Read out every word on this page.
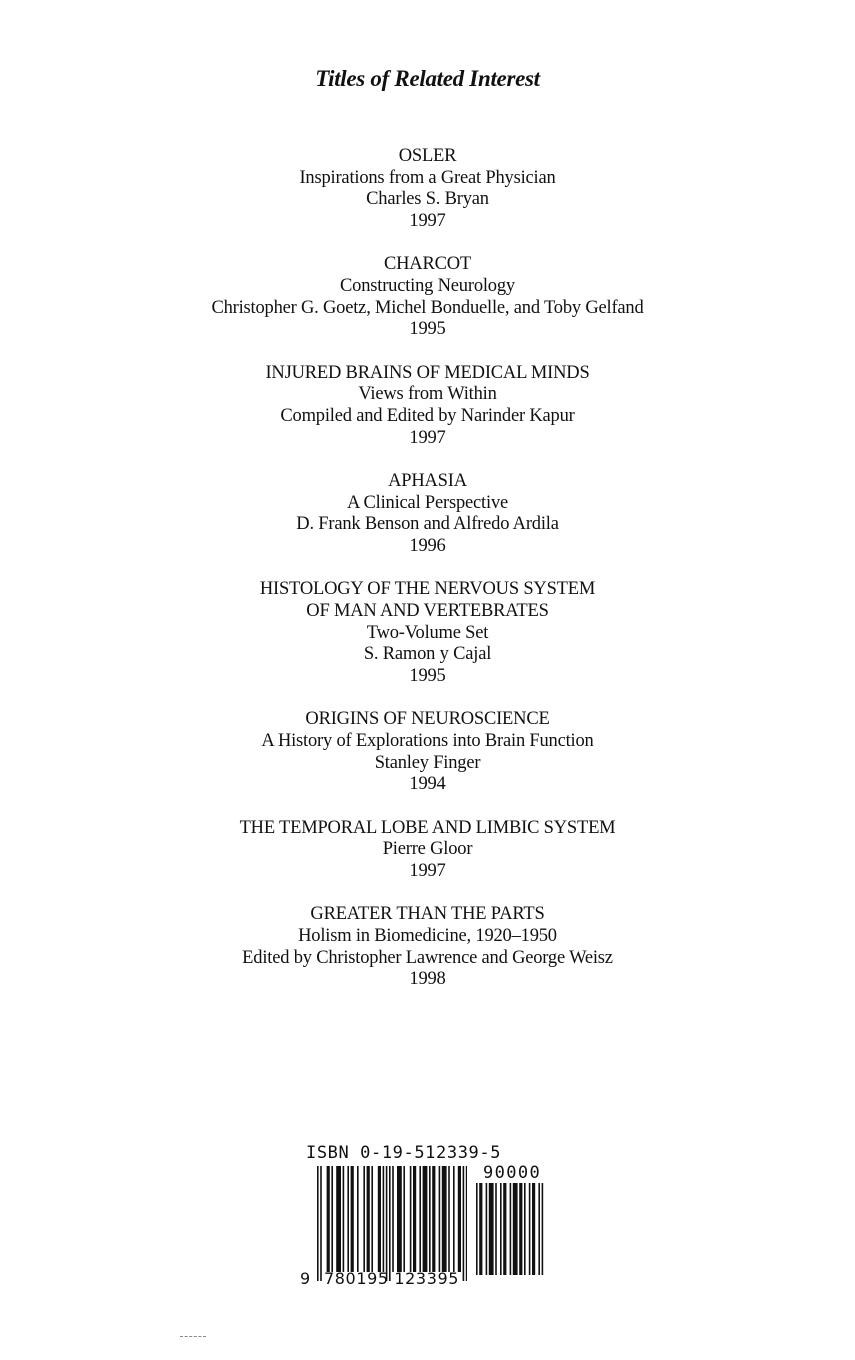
Titles of Related Interest
OSLER
Inspirations from a Great Physician
Charles S. Bryan
1997
CHARCOT
Constructing Neurology
Christopher G. Goetz, Michel Bonduelle, and Toby Gelfand
1995
INJURED BRAINS OF MEDICAL MINDS
Views from Within
Compiled and Edited by Narinder Kapur
1997
APHASIA
A Clinical Perspective
D. Frank Benson and Alfredo Ardila
1996
HISTOLOGY OF THE NERVOUS SYSTEM
OF MAN AND VERTEBRATES
Two-Volume Set
S. Ramon y Cajal
1995
ORIGINS OF NEUROSCIENCE
A History of Explorations into Brain Function
Stanley Finger
1994
THE TEMPORAL LOBE AND LIMBIC SYSTEM
Pierre Gloor
1997
GREATER THAN THE PARTS
Holism in Biomedicine, 1920–1950
Edited by Christopher Lawrence and George Weisz
1998
ISBN 0-19-512339-5
90000
9 780195 123395
